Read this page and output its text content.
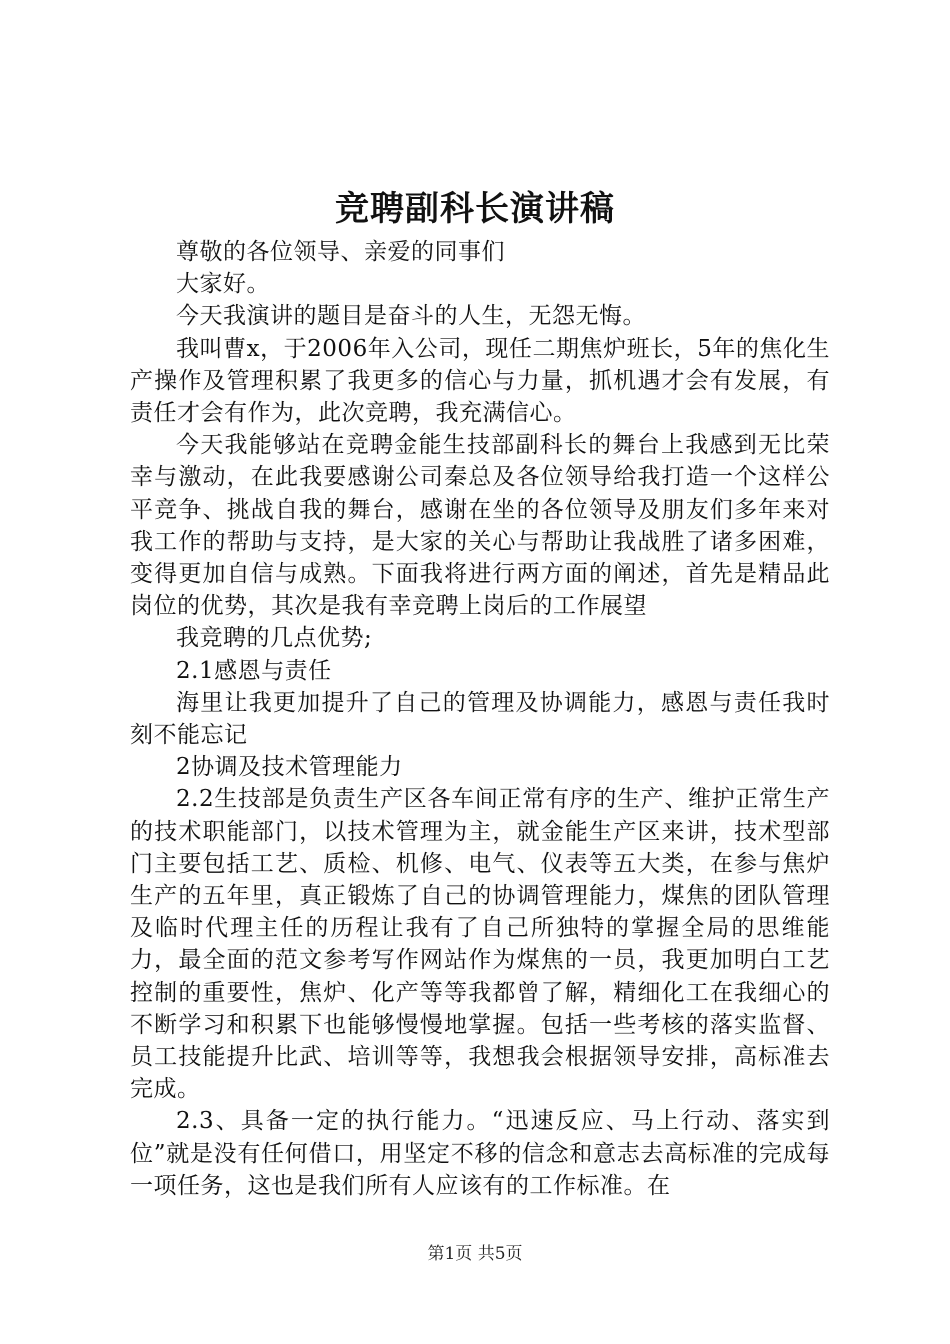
竞聘副科长演讲稿

尊敬的各位领导、亲爱的同事们

大家好。

今天我演讲的题目是奋斗的人生，无怨无悔。

我叫曹x，于2006年入公司，现任二期焦炉班长，5年的焦化生产操作及管理积累了我更多的信心与力量，抓机遇才会有发展，有责任才会有作为，此次竞聘，我充满信心。

今天我能够站在竞聘金能生技部副科长的舞台上我感到无比荣幸与激动，在此我要感谢公司秦总及各位领导给我打造一个这样公平竞争、挑战自我的舞台，感谢在坐的各位领导及朋友们多年来对我工作的帮助与支持，是大家的关心与帮助让我战胜了诸多困难，变得更加自信与成熟。下面我将进行两方面的阐述，首先是精品此岗位的优势，其次是我有幸竞聘上岗后的工作展望

我竞聘的几点优势;

2.1感恩与责任

海里让我更加提升了自己的管理及协调能力，感恩与责任我时刻不能忘记

2协调及技术管理能力

2.2生技部是负责生产区各车间正常有序的生产、维护正常生产的技术职能部门，以技术管理为主，就金能生产区来讲，技术型部门主要包括工艺、质检、机修、电气、仪表等五大类，在参与焦炉生产的五年里，真正锻炼了自己的协调管理能力，煤焦的团队管理及临时代理主任的历程让我有了自己所独特的掌握全局的思维能力，最全面的范文参考写作网站作为煤焦的一员，我更加明白工艺控制的重要性，焦炉、化产等等我都曾了解，精细化工在我细心的不断学习和积累下也能够慢慢地掌握。包括一些考核的落实监督、员工技能提升比武、培训等等，我想我会根据领导安排，高标准去完成。

2.3、具备一定的执行能力。“迅速反应、马上行动、落实到位”就是没有任何借口，用坚定不移的信念和意志去高标准的完成每一项任务，这也是我们所有人应该有的工作标准。在

第1页 共5页
